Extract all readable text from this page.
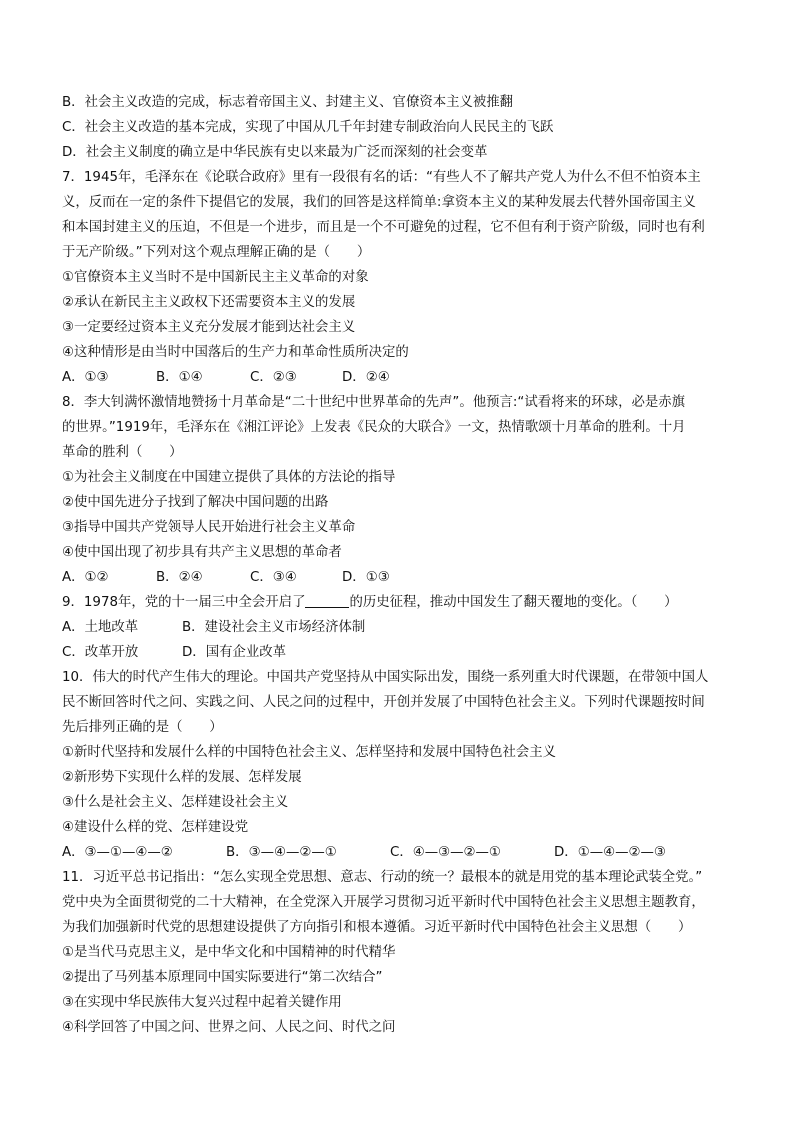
B．社会主义改造的完成，标志着帝国主义、封建主义、官僚资本主义被推翻
C．社会主义改造的基本完成，实现了中国从几千年封建专制政治向人民民主的飞跃
D．社会主义制度的确立是中华民族有史以来最为广泛而深刻的社会变革
7．1945年，毛泽东在《论联合政府》里有一段很有名的话：“有些人不了解共产党人为什么不但不怕资本主
义，反而在一定的条件下提倡它的发展，我们的回答是这样简单:拿资本主义的某种发展去代替外国帝国主义
和本国封建主义的压迫，不但是一个进步，而且是一个不可避免的过程，它不但有利于资产阶级，同时也有利
于无产阶级。”下列对这个观点理解正确的是（　　）
①官僚资本主义当时不是中国新民主主义革命的对象
②承认在新民主主义政权下还需要资本主义的发展
③一定要经过资本主义充分发展才能到达社会主义
④这种情形是由当时中国落后的生产力和革命性质所决定的
A．①③	B．①④	C．②③	D．②④
8．李大钊满怀激情地赞扬十月革命是“二十世纪中世界革命的先声”。他预言:“试看将来的环球，必是赤旗
的世界。”1919年，毛泽东在《湘江评论》上发表《民众的大联合》一文，热情歌颂十月革命的胜利。十月
革命的胜利（　　）
①为社会主义制度在中国建立提供了具体的方法论的指导
②使中国先进分子找到了解决中国问题的出路
③指导中国共产党领导人民开始进行社会主义革命
④使中国出现了初步具有共产主义思想的革命者
A．①②	B．②④	C．③④	D．①③
9．1978年，党的十一届三中全会开启了	的历史征程，推动中国发生了翻天覆地的变化。（　　）
A．土地改革	B．建设社会主义市场经济体制
C．改革开放	D．国有企业改革
10．伟大的时代产生伟大的理论。中国共产党坚持从中国实际出发，围绕一系列重大时代课题，在带领中国人
民不断回答时代之问、实践之问、人民之问的过程中，开创并发展了中国特色社会主义。下列时代课题按时间
先后排列正确的是（　　）
①新时代坚持和发展什么样的中国特色社会主义、怎样坚持和发展中国特色社会主义
②新形势下实现什么样的发展、怎样发展
③什么是社会主义、怎样建设社会主义
④建设什么样的党、怎样建设党
A．③—①—④—②	B．③—④—②—①	C．④—③—②—①	D．①—④—②—③
11．习近平总书记指出：“怎么实现全党思想、意志、行动的统一？最根本的就是用党的基本理论武装全党。”
党中央为全面贯彻党的二十大精神，在全党深入开展学习贯彻习近平新时代中国特色社会主义思想主题教育，
为我们加强新时代党的思想建设提供了方向指引和根本遵循。习近平新时代中国特色社会主义思想（　　）
①是当代马克思主义，是中华文化和中国精神的时代精华
②提出了马列基本原理同中国实际要进行“第二次结合”
③在实现中华民族伟大复兴过程中起着关键作用
④科学回答了中国之问、世界之问、人民之问、时代之问
